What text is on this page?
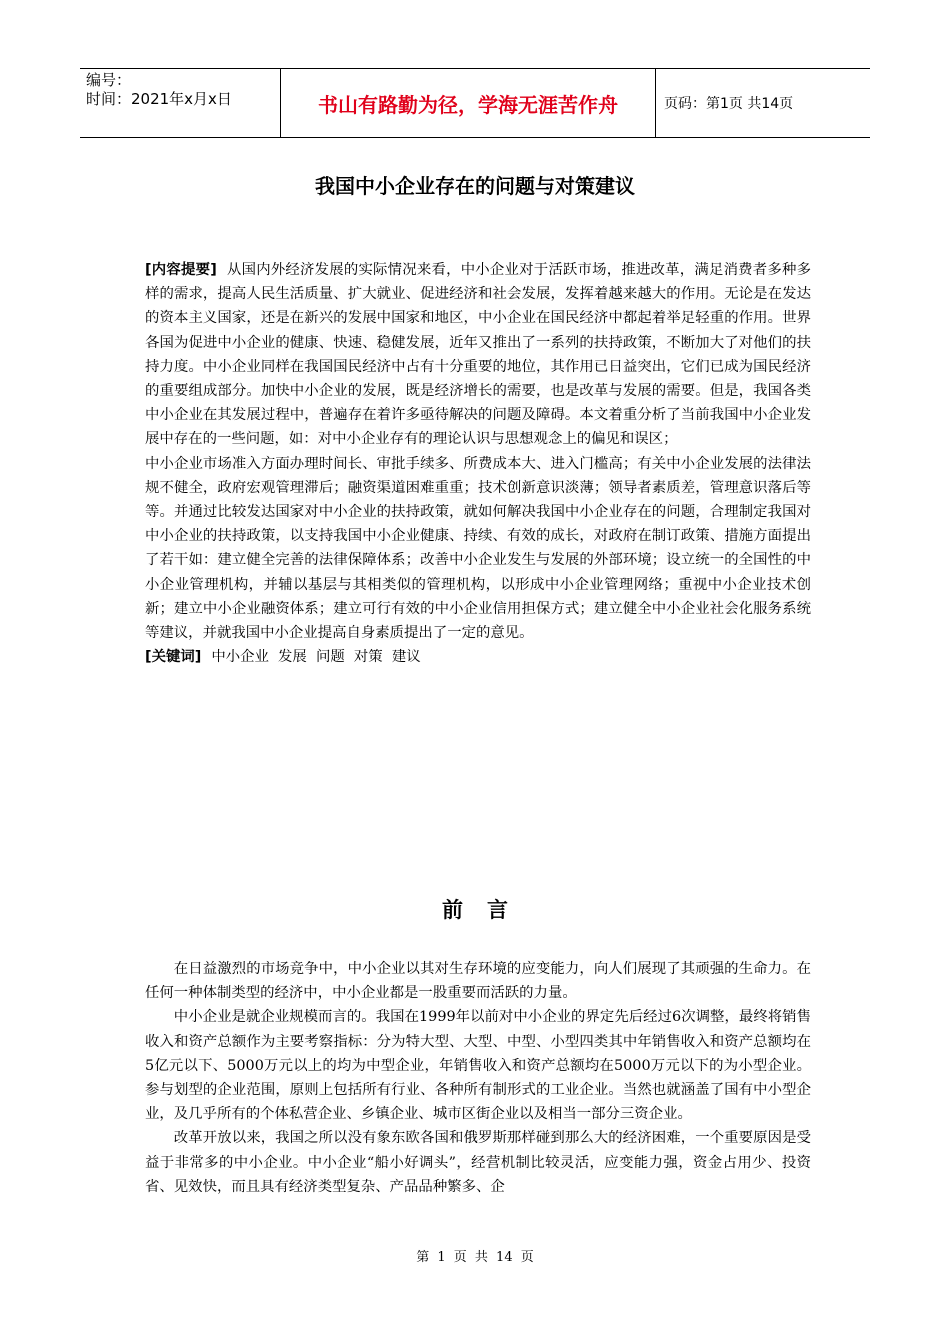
编号：
时间：2021年x月x日	书山有路勤为径，学海无涯苦作舟	页码：第1页 共14页
我国中小企业存在的问题与对策建议

[内容提要] 从国内外经济发展的实际情况来看，中小企业对于活跃市场，推进改革，满足消费者多种多样的需求，提高人民生活质量、扩大就业、促进经济和社会发展，发挥着越来越大的作用。无论是在发达的资本主义国家，还是在新兴的发展中国家和地区，中小企业在国民经济中都起着举足轻重的作用。世界各国为促进中小企业的健康、快速、稳健发展，近年又推出了一系列的扶持政策，不断加大了对他们的扶持力度。中小企业同样在我国国民经济中占有十分重要的地位，其作用已日益突出，它们已成为国民经济的重要组成部分。加快中小企业的发展，既是经济增长的需要，也是改革与发展的需要。但是，我国各类中小企业在其发展过程中，普遍存在着许多亟待解决的问题及障碍。本文着重分析了当前我国中小企业发展中存在的一些问题，如：对中小企业存有的理论认识与思想观念上的偏见和误区；

中小企业市场准入方面办理时间长、审批手续多、所费成本大、进入门槛高；有关中小企业发展的法律法规不健全，政府宏观管理滞后；融资渠道困难重重；技术创新意识淡薄；领导者素质差，管理意识落后等等。并通过比较发达国家对中小企业的扶持政策，就如何解决我国中小企业存在的问题，合理制定我国对中小企业的扶持政策，以支持我国中小企业健康、持续、有效的成长，对政府在制订政策、措施方面提出了若干如：建立健全完善的法律保障体系；改善中小企业发生与发展的外部环境；设立统一的全国性的中小企业管理机构，并辅以基层与其相类似的管理机构，以形成中小企业管理网络；重视中小企业技术创新；建立中小企业融资体系；建立可行有效的中小企业信用担保方式；建立健全中小企业社会化服务系统等建议，并就我国中小企业提高自身素质提出了一定的意见。

[关键词] 中小企业  发展  问题  对策  建议

前言

在日益激烈的市场竞争中，中小企业以其对生存环境的应变能力，向人们展现了其顽强的生命力。在任何一种体制类型的经济中，中小企业都是一股重要而活跃的力量。

中小企业是就企业规模而言的。我国在1999年以前对中小企业的界定先后经过6次调整，最终将销售收入和资产总额作为主要考察指标：分为特大型、大型、中型、小型四类其中年销售收入和资产总额均在5亿元以下、5000万元以上的均为中型企业，年销售收入和资产总额均在5000万元以下的为小型企业。参与划型的企业范围，原则上包括所有行业、各种所有制形式的工业企业。当然也就涵盖了国有中小型企业，及几乎所有的个体私营企业、乡镇企业、城市区街企业以及相当一部分三资企业。

改革开放以来，我国之所以没有象东欧各国和俄罗斯那样碰到那么大的经济困难，一个重要原因是受益于非常多的中小企业。中小企业“船小好调头”，经营机制比较灵活，应变能力强，资金占用少、投资省、见效快，而且具有经济类型复杂、产品品种繁多、企

第 1 页 共 14 页
